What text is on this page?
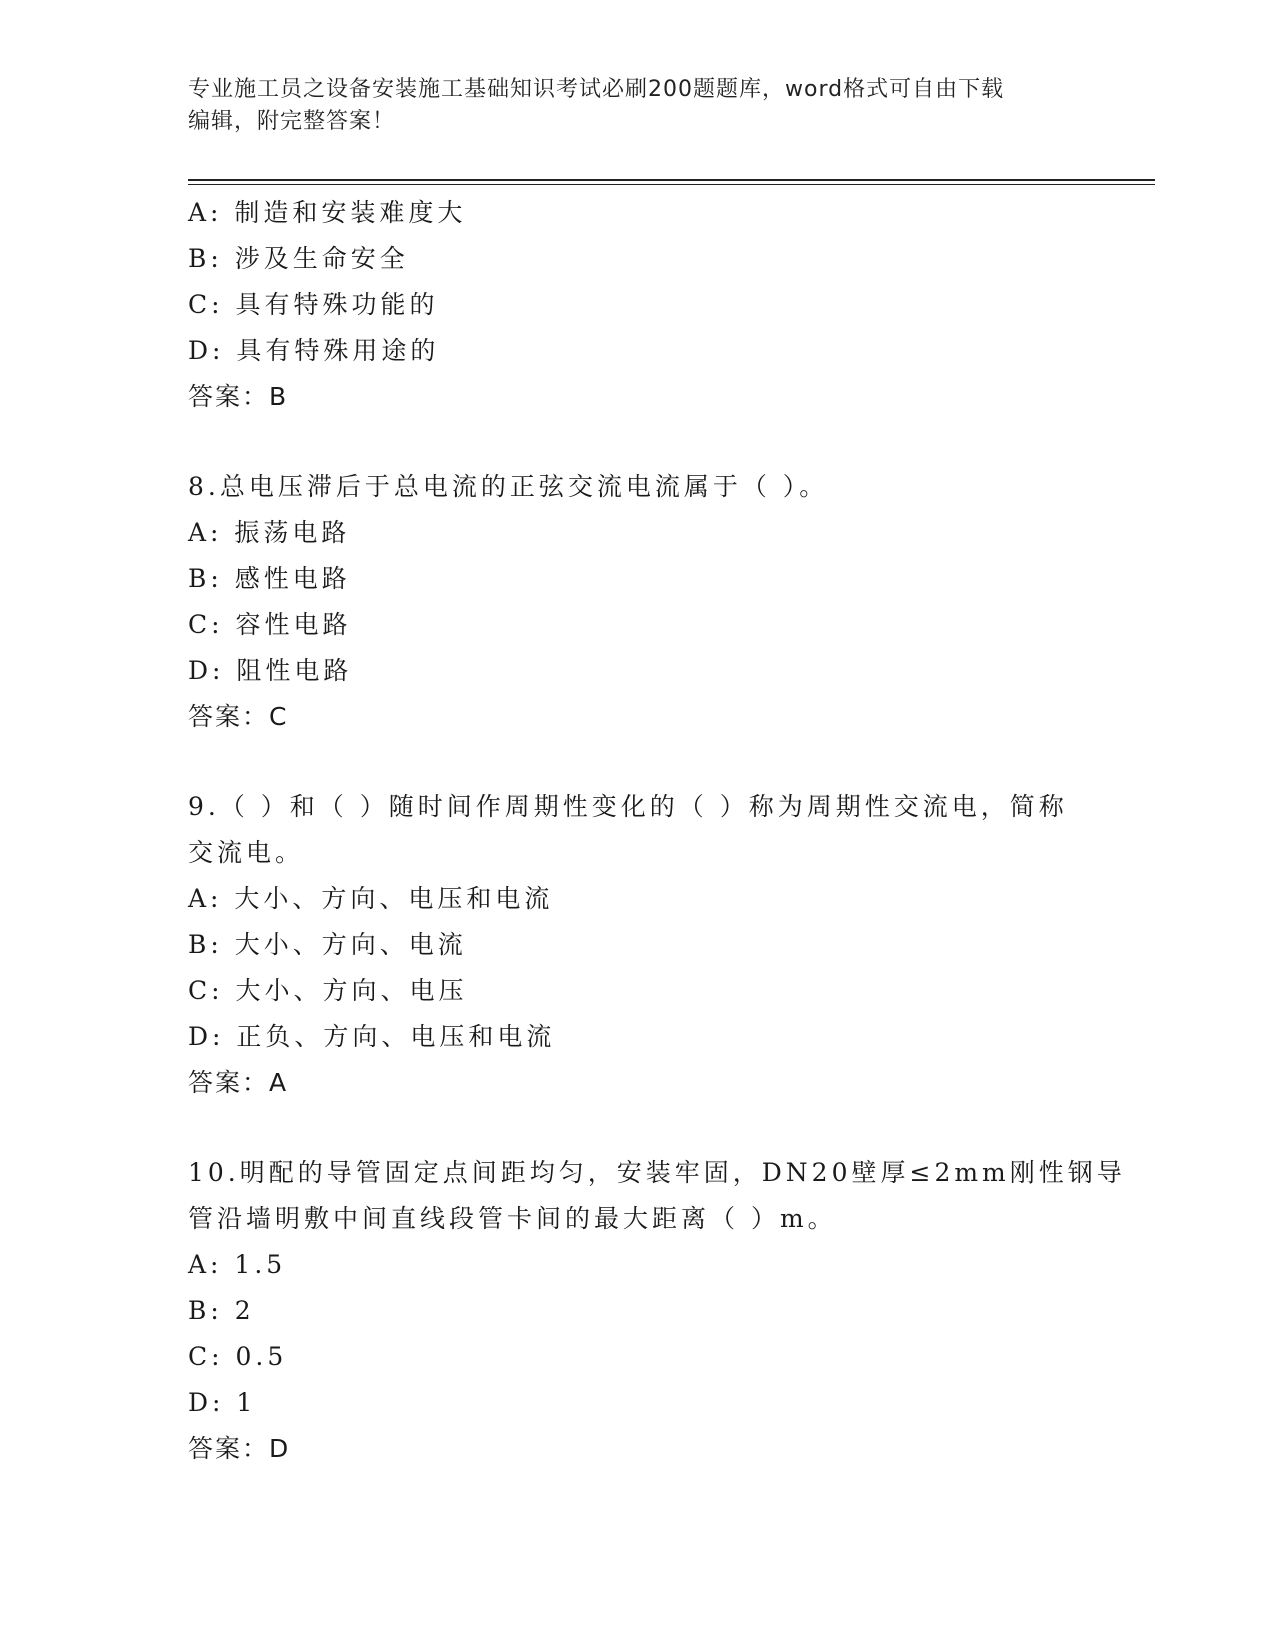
专业施工员之设备安装施工基础知识考试必刷200题题库，word格式可自由下载
编辑，附完整答案！
A: 制造和安装难度大
B: 涉及生命安全
C: 具有特殊功能的
D: 具有特殊用途的
答案：B
8.总电压滞后于总电流的正弦交流电流属于（ ）。
A: 振荡电路
B: 感性电路
C: 容性电路
D: 阻性电路
答案：C
9.（ ）和（ ）随时间作周期性变化的（ ）称为周期性交流电，简称
交流电。
A: 大小、方向、电压和电流
B: 大小、方向、电流
C: 大小、方向、电压
D: 正负、方向、电压和电流
答案：A
10.明配的导管固定点间距均匀，安装牢固，DN20壁厚≤2mm刚性钢导
管沿墙明敷中间直线段管卡间的最大距离（ ）m。
A: 1.5
B: 2
C: 0.5
D: 1
答案：D
